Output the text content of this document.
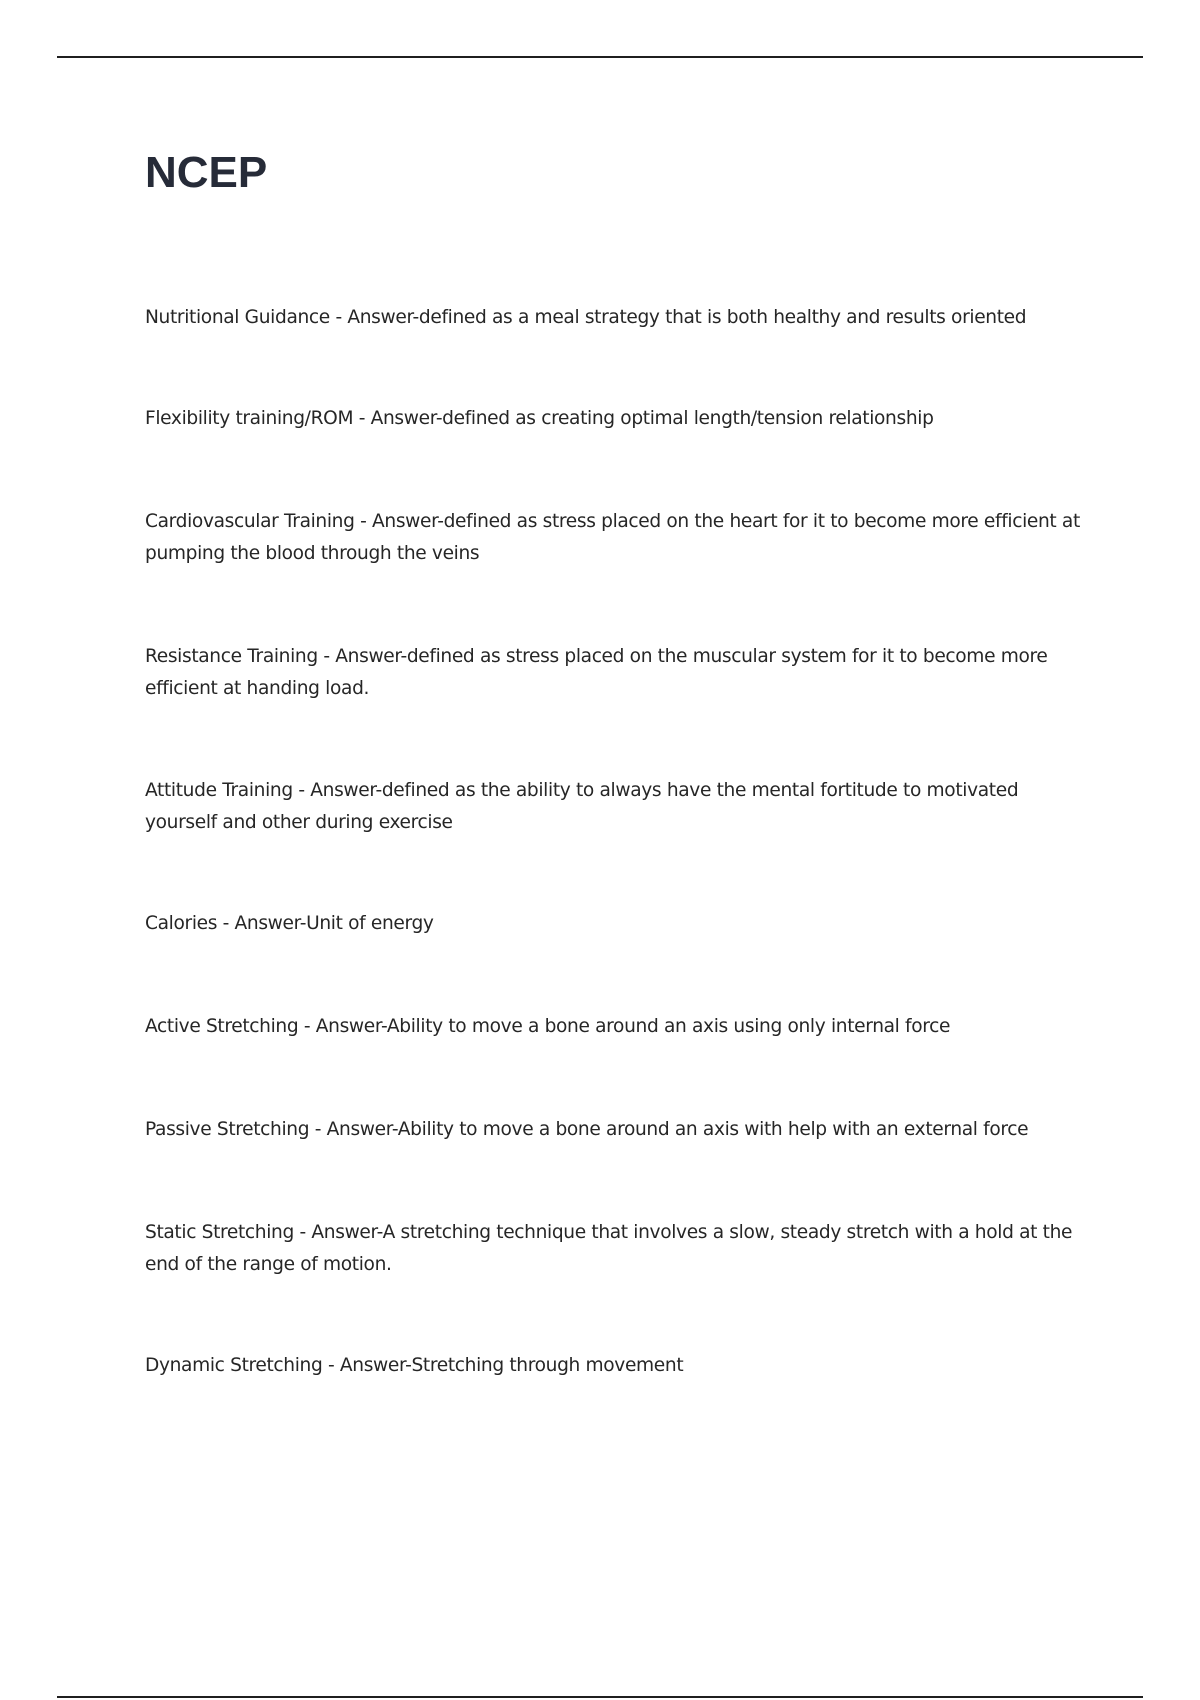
NCEP

Nutritional Guidance - Answer-defined as a meal strategy that is both healthy and results oriented

Flexibility training/ROM - Answer-defined as creating optimal length/tension relationship

Cardiovascular Training - Answer-defined as stress placed on the heart for it to become more efficient at pumping the blood through the veins

Resistance Training - Answer-defined as stress placed on the muscular system for it to become more efficient at handing load.

Attitude Training - Answer-defined as the ability to always have the mental fortitude to motivated yourself and other during exercise

Calories - Answer-Unit of energy

Active Stretching - Answer-Ability to move a bone around an axis using only internal force

Passive Stretching - Answer-Ability to move a bone around an axis with help with an external force

Static Stretching - Answer-A stretching technique that involves a slow, steady stretch with a hold at the end of the range of motion.

Dynamic Stretching - Answer-Stretching through movement
